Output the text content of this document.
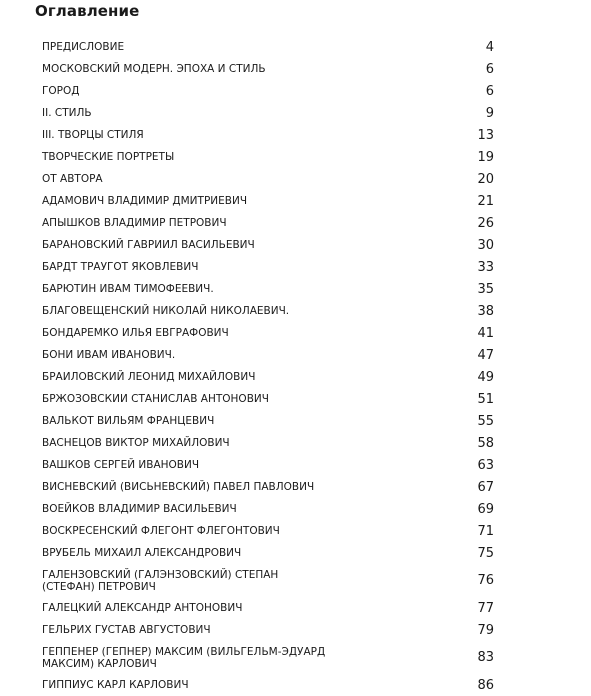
Оглавление
ПРЕДИСЛОВИЕ	4
МОСКОВСКИЙ МОДЕРН. ЭПОХА И СТИЛЬ	6
ГОРОД	6
II. СТИЛЬ	9
III. ТВОРЦЫ СТИЛЯ	13
ТВОРЧЕСКИЕ ПОРТРЕТЫ	19
ОТ АВТОРА	20
АДАМОВИЧ ВЛАДИМИР ДМИТРИЕВИЧ	21
АПЫШКОВ ВЛАДИМИР ПЕТРОВИЧ	26
БАРАНОВСКИЙ ГАВРИИЛ ВАСИЛЬЕВИЧ	30
БАРДТ ТРАУГОТ ЯКОВЛЕВИЧ	33
БАРЮТИН ИВАМ ТИМОФЕЕВИЧ.	35
БЛАГОВЕЩЕНСКИЙ НИКОЛАЙ НИКОЛАЕВИЧ.	38
БОНДАРЕМКО ИЛЬЯ ЕВГРАФОВИЧ	41
БОНИ ИВАМ ИВАНОВИЧ.	47
БРАИЛОВСКИЙ ЛЕОНИД МИХАЙЛОВИЧ	49
БРЖОЗОВСКИИ СТАНИСЛАВ АНТОНОВИЧ	51
ВАЛЬКОТ ВИЛЬЯМ ФРАНЦЕВИЧ	55
ВАСНЕЦОВ ВИКТОР МИХАЙЛОВИЧ	58
ВАШКОВ СЕРГЕЙ ИВАНОВИЧ	63
ВИСНЕВСКИЙ (ВИСЬНЕВСКИЙ) ПАВЕЛ ПАВЛОВИЧ	67
ВОЕЙКОВ ВЛАДИМИР ВАСИЛЬЕВИЧ	69
ВОСКРЕСЕНСКИЙ ФЛЕГОНТ ФЛЕГОНТОВИЧ	71
ВРУБЕЛЬ МИХАИЛ АЛЕКСАНДРОВИЧ	75
ГАЛЕНЗОВСКИЙ (ГАЛЭНЗОВСКИЙ) СТЕПАН (СТЕФАН) ПЕТРОВИЧ	76
ГАЛЕЦКИЙ АЛЕКСАНДР АНТОНОВИЧ	77
ГЕЛЬРИХ ГУСТАВ АВГУСТОВИЧ	79
ГЕППЕНЕР (ГЕПНЕР) МАКСИМ (ВИЛЬГЕЛЬМ-ЭДУАРД МАКСИМ) КАРЛОВИЧ	83
ГИППИУС КАРЛ КАРЛОВИЧ	86
